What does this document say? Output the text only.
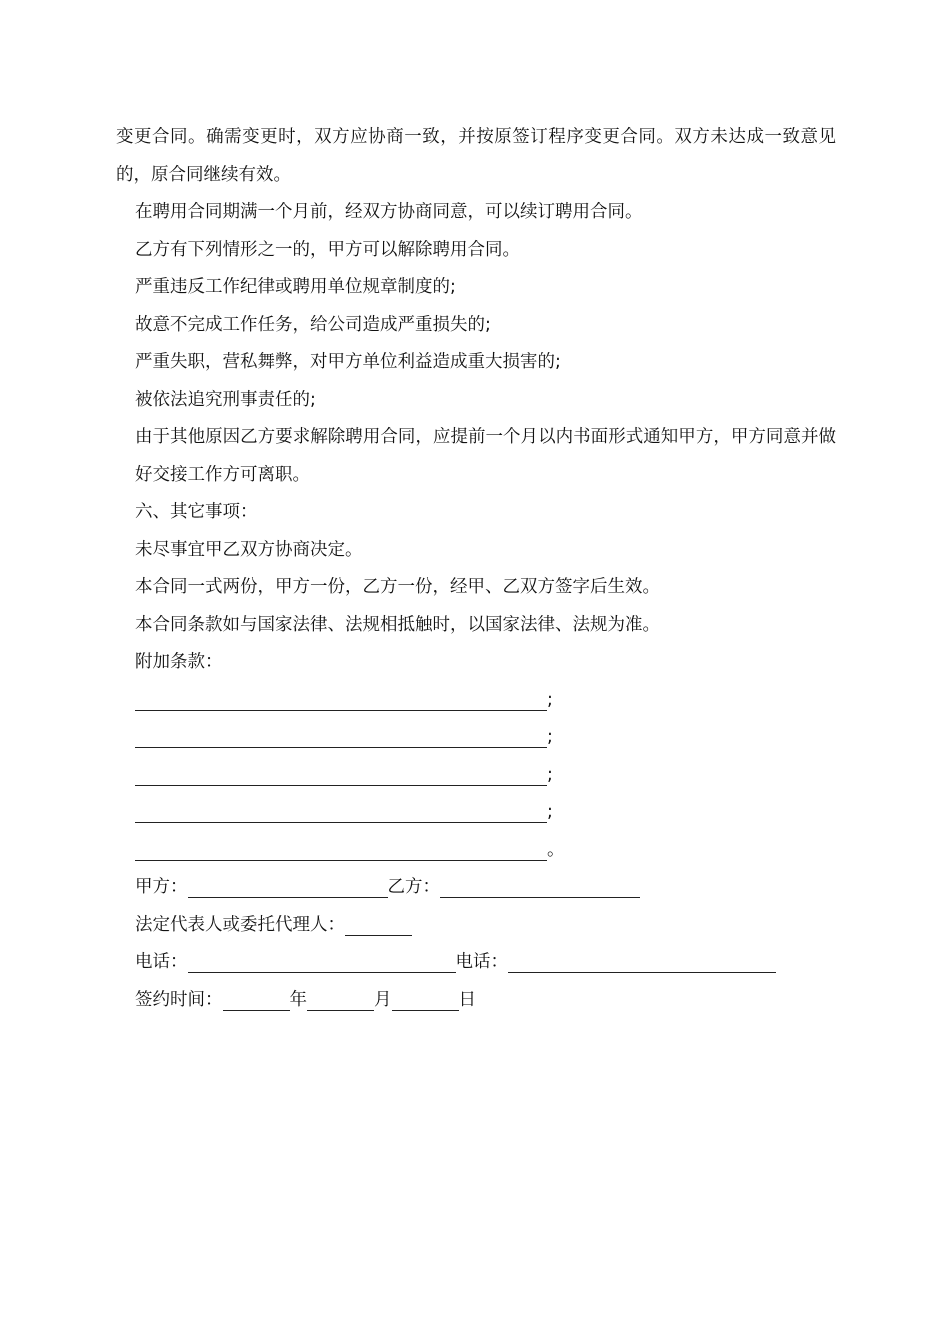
变更合同。确需变更时，双方应协商一致，并按原签订程序变更合同。双方未达成一致意见的，原合同继续有效。

在聘用合同期满一个月前，经双方协商同意，可以续订聘用合同。

乙方有下列情形之一的，甲方可以解除聘用合同。

严重违反工作纪律或聘用单位规章制度的;

故意不完成工作任务，给公司造成严重损失的;

严重失职，营私舞弊，对甲方单位利益造成重大损害的;

被依法追究刑事责任的;

由于其他原因乙方要求解除聘用合同，应提前一个月以内书面形式通知甲方，甲方同意并做好交接工作方可离职。

六、其它事项：

未尽事宜甲乙双方协商决定。

本合同一式两份，甲方一份，乙方一份，经甲、乙双方签字后生效。

本合同条款如与国家法律、法规相抵触时，以国家法律、法规为准。

附加条款：

;

;

;

;

。

甲方：	乙方：

法定代表人或委托代理人：

电话：	电话：

签约时间：	年	月	日
